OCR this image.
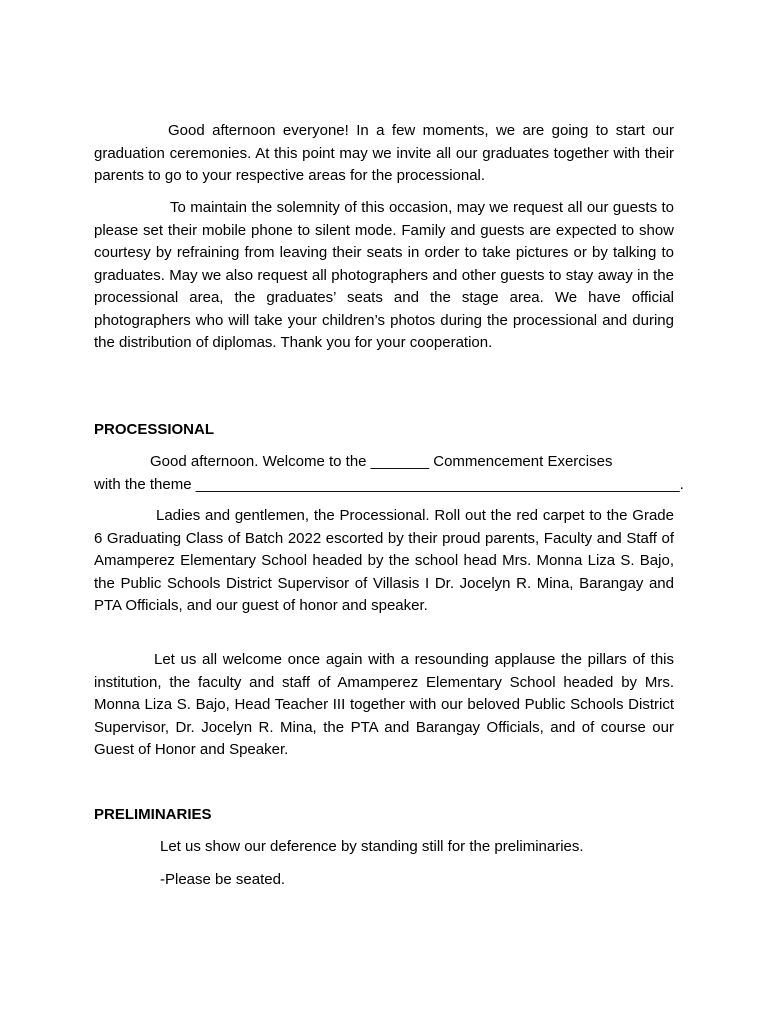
Good afternoon everyone! In a few moments, we are going to start our graduation ceremonies. At this point may we invite all our graduates together with their parents to go to your respective areas for the processional.

To maintain the solemnity of this occasion, may we request all our guests to please set their mobile phone to silent mode. Family and guests are expected to show courtesy by refraining from leaving their seats in order to take pictures or by talking to graduates. May we also request all photographers and other guests to stay away in the processional area, the graduates’ seats and the stage area. We have official photographers who will take your children’s photos during the processional and during the distribution of diplomas. Thank you for your cooperation.

PROCESSIONAL

Good afternoon. Welcome to the _______ Commencement Exercises

with the theme __________________________________________________________.

Ladies and gentlemen, the Processional. Roll out the red carpet to the Grade 6 Graduating Class of Batch 2022 escorted by their proud parents, Faculty and Staff of Amamperez Elementary School headed by the school head Mrs. Monna Liza S. Bajo, the Public Schools District Supervisor of Villasis I Dr. Jocelyn R. Mina, Barangay and PTA Officials, and our guest of honor and speaker.

Let us all welcome once again with a resounding applause the pillars of this institution, the faculty and staff of Amamperez Elementary School headed by Mrs. Monna Liza S. Bajo, Head Teacher III together with our beloved Public Schools District Supervisor, Dr. Jocelyn R. Mina, the PTA and Barangay Officials, and of course our Guest of Honor and Speaker.

PRELIMINARIES

Let us show our deference by standing still for the preliminaries.

-Please be seated.
